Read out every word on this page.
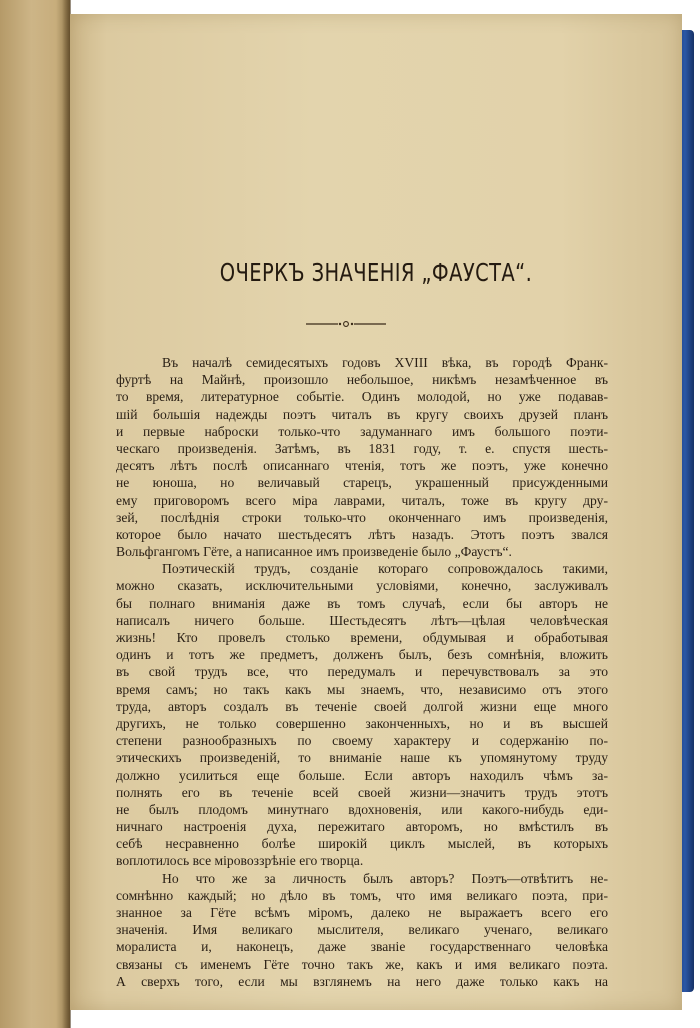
ОЧЕРКЪ ЗНАЧЕНІЯ „ФАУСТА“.
Въ началѣ семидесятыхъ годовъ XVIII вѣка, въ городѣ Франк-
фуртѣ на Майнѣ, произошло небольшое, никѣмъ незамѣченное въ
то время, литературное событіе. Одинъ молодой, но уже подавав-
шій большія надежды поэтъ читалъ въ кругу своихъ друзей планъ
и первые наброски только-что задуманнаго имъ большого поэти-
ческаго произведенія. Затѣмъ, въ 1831 году, т. е. спустя шесть-
десятъ лѣтъ послѣ описаннаго чтенія, тотъ же поэтъ, уже конечно
не юноша, но величавый старецъ, украшенный присужденными
ему приговоромъ всего міра лаврами, читалъ, тоже въ кругу дру-
зей, послѣднія строки только-что оконченнаго имъ произведенія,
которое было начато шестьдесятъ лѣтъ назадъ. Этотъ поэтъ звался
Вольфгангомъ Гёте, а написанное имъ произведеніе было „Фаустъ“.
Поэтическій трудъ, созданіе котораго сопровождалось такими,
можно сказать, исключительными условіями, конечно, заслуживалъ
бы полнаго вниманія даже въ томъ случаѣ, если бы авторъ не
написалъ ничего больше. Шестьдесятъ лѣтъ—цѣлая человѣческая
жизнь! Кто провелъ столько времени, обдумывая и обработывая
одинъ и тотъ же предметъ, долженъ былъ, безъ сомнѣнія, вложить
въ свой трудъ все, что передумалъ и перечувствовалъ за это
время самъ; но такъ какъ мы знаемъ, что, независимо отъ этого
труда, авторъ создалъ въ теченіе своей долгой жизни еще много
другихъ, не только совершенно законченныхъ, но и въ высшей
степени разнообразныхъ по своему характеру и содержанію по-
этическихъ произведеній, то вниманіе наше къ упомянутому труду
должно усилиться еще больше. Если авторъ находилъ чѣмъ за-
полнять его въ теченіе всей своей жизни—значитъ трудъ этотъ
не былъ плодомъ минутнаго вдохновенія, или какого-нибудь еди-
ничнаго настроенія духа, пережитаго авторомъ, но вмѣстилъ въ
себѣ несравненно болѣе широкій циклъ мыслей, въ которыхъ
воплотилось все міровоззрѣніе его творца.
Но что же за личность былъ авторъ? Поэтъ—отвѣтитъ не-
сомнѣнно каждый; но дѣло въ томъ, что имя великаго поэта, при-
знанное за Гёте всѣмъ міромъ, далеко не выражаетъ всего его
значенія. Имя великаго мыслителя, великаго ученаго, великаго
моралиста и, наконецъ, даже званіе государственнаго человѣка
связаны съ именемъ Гёте точно такъ же, какъ и имя великаго поэта.
А сверхъ того, если мы взглянемъ на него даже только какъ на
